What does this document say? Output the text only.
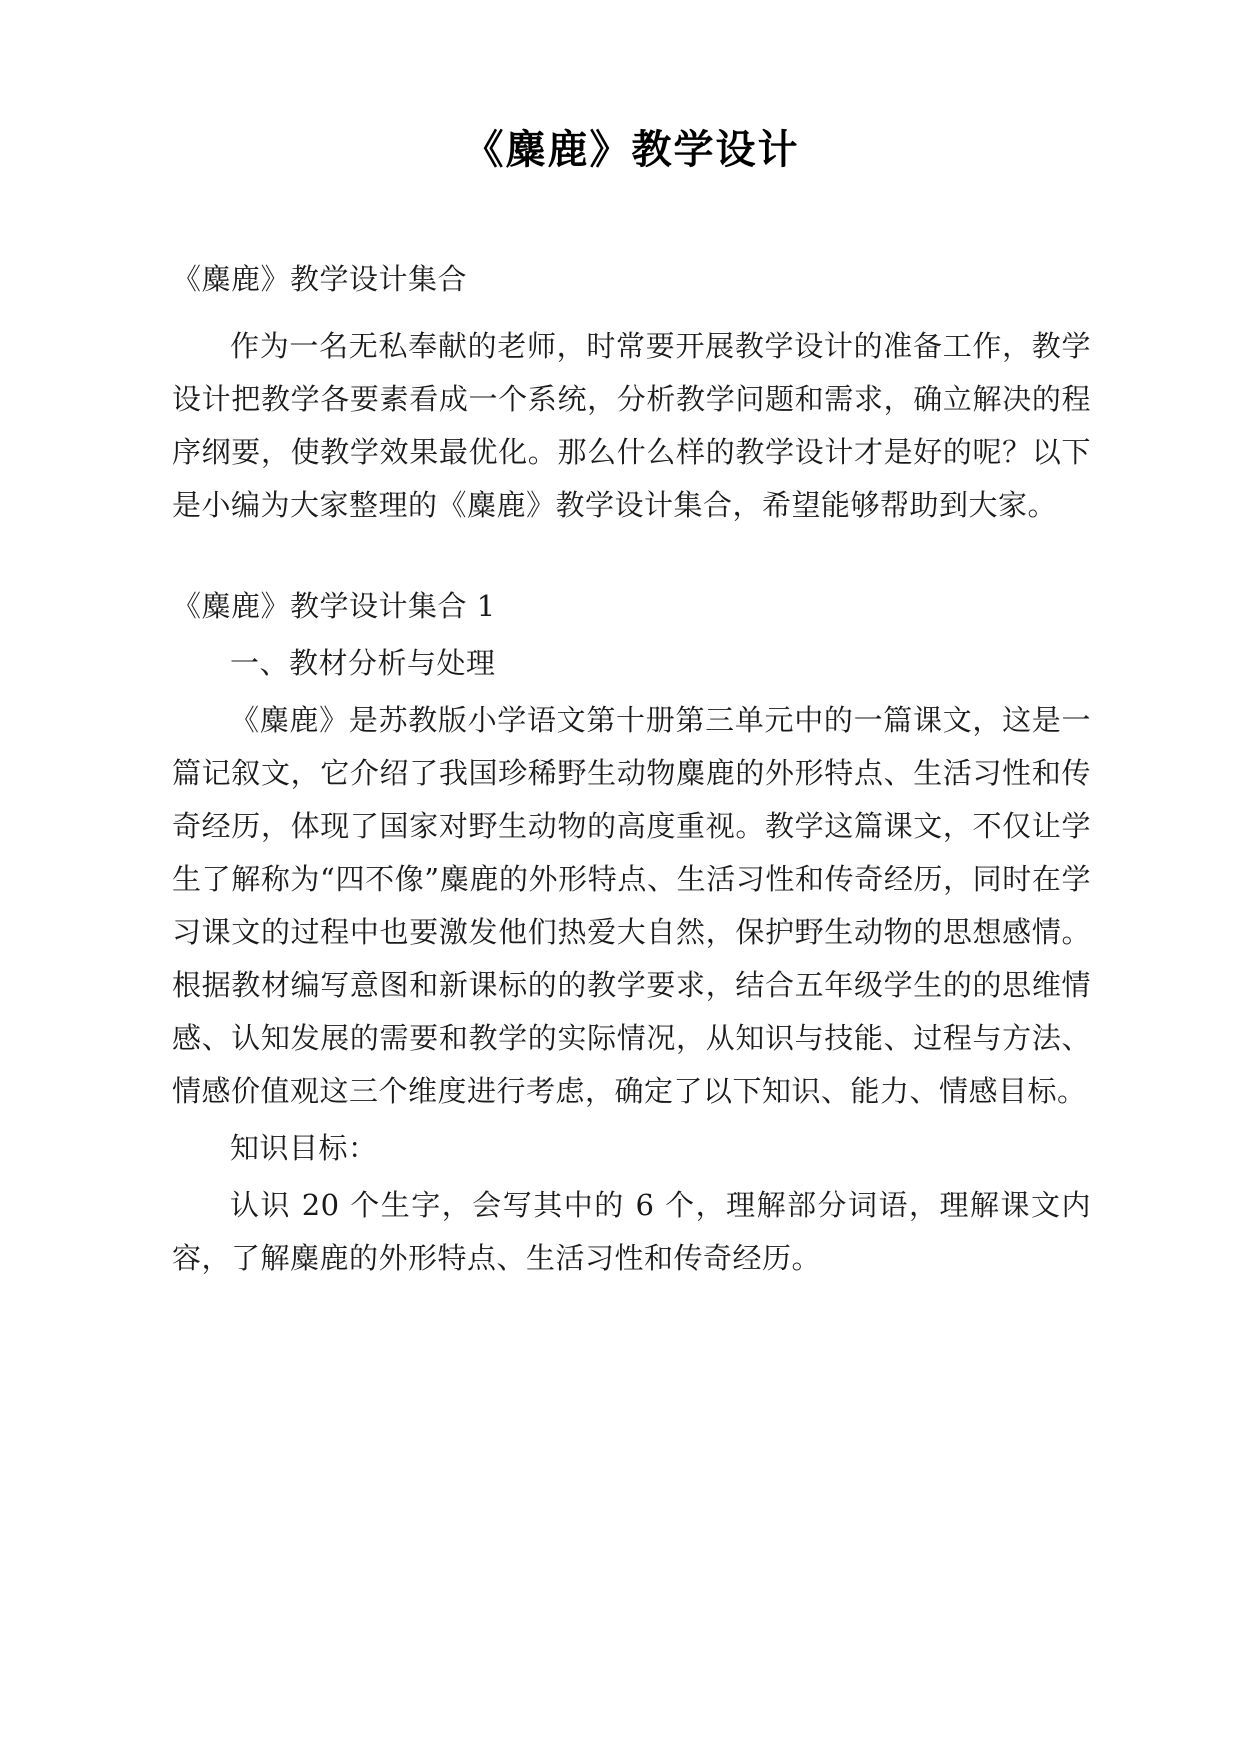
《麋鹿》教学设计

《麋鹿》教学设计集合

作为一名无私奉献的老师，时常要开展教学设计的准备工作，教学设计把教学各要素看成一个系统，分析教学问题和需求，确立解决的程序纲要，使教学效果最优化。那么什么样的教学设计才是好的呢？以下是小编为大家整理的《麋鹿》教学设计集合，希望能够帮助到大家。

《麋鹿》教学设计集合 1

一、教材分析与处理

《麋鹿》是苏教版小学语文第十册第三单元中的一篇课文，这是一篇记叙文，它介绍了我国珍稀野生动物麋鹿的外形特点、生活习性和传奇经历，体现了国家对野生动物的高度重视。教学这篇课文，不仅让学生了解称为“四不像”麋鹿的外形特点、生活习性和传奇经历，同时在学习课文的过程中也要激发他们热爱大自然，保护野生动物的思想感情。根据教材编写意图和新课标的的教学要求，结合五年级学生的的思维情感、认知发展的需要和教学的实际情况，从知识与技能、过程与方法、情感价值观这三个维度进行考虑，确定了以下知识、能力、情感目标。

知识目标：

认识 20 个生字，会写其中的 6 个，理解部分词语，理解课文内容，了解麋鹿的外形特点、生活习性和传奇经历。
